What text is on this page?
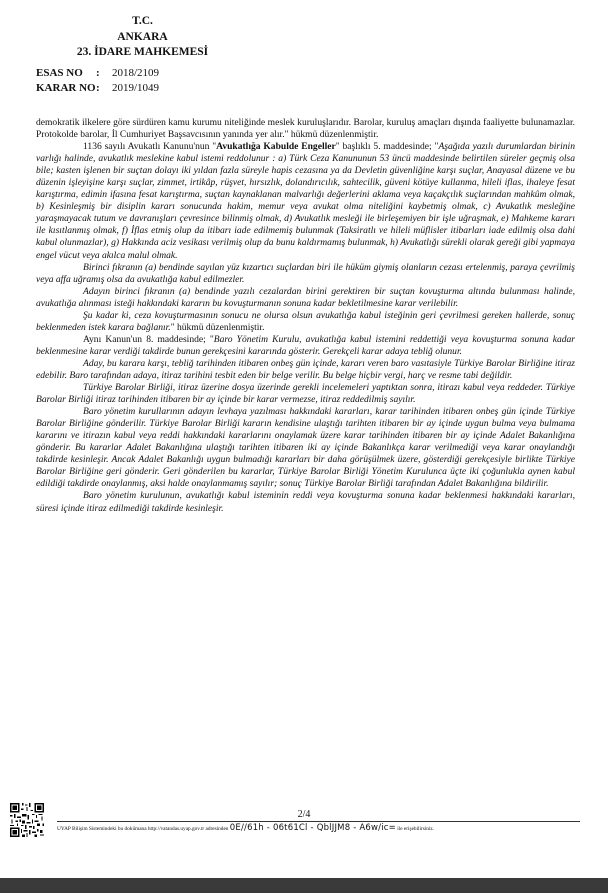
T.C.
ANKARA
23. İDARE MAHKEMESİ
ESAS NO : 2018/2109
KARAR NO: 2019/1049

demokratik ilkelere göre sürdüren kamu kurumu niteliğinde meslek kuruluşlarıdır. Barolar, kuruluş amaçları dışında faaliyette bulunamazlar. Protokolde barolar, İl Cumhuriyet Başsavcısının yanında yer alır." hükmü düzenlenmiştir.

1136 sayılı Avukatlı Kanunu'nun "Avukatlığa Kabulde Engeller" başlıklı 5. maddesinde; "Aşağıda yazılı durumlardan birinin varlığı halinde, avukatlık meslekine kabul istemi reddolunur : a) Türk Ceza Kanununun 53 üncü maddesinde belirtilen süreler geçmiş olsa bile; kasten işlenen bir suçtan dolayı iki yıldan fazla süreyle hapis cezasına ya da Devletin güvenliğine karşı suçlar, Anayasal düzene ve bu düzenin işleyişine karşı suçlar, zimmet, irtikâp, rüşvet, hırsızlık, dolandırıcılık, sahtecilik, güveni kötüye kullanma, hileli iflas, ihaleye fesat karıştırma, edimin ifasına fesat karıştırma, suçtan kaynaklanan malvarlığı değerlerini aklama veya kaçakçılık suçlarından mahkûm olmak, b) Kesinleşmiş bir disiplin kararı sonucunda hakim, memur veya avukat olma niteliğini kaybetmiş olmak, c) Avukatlık mesleğine yaraşmayacak tutum ve davranışları çevresince bilinmiş olmak, d) Avukatlık mesleği ile birleşemiyen bir işle uğraşmak, e) Mahkeme kararı ile kısıtlanmış olmak, f) İflas etmiş olup da itibarı iade edilmemiş bulunmak (Taksiratlı ve hileli müflisler itibarları iade edilmiş olsa dahi kabul olunmazlar), g) Hakkında aciz vesikası verilmiş olup da bunu kaldırmamış bulunmak, h) Avukatlığı sürekli olarak gereği gibi yapmaya engel vücut veya akılca malul olmak.

Birinci fıkranın (a) bendinde sayılan yüz kızartıcı suçlardan biri ile hüküm giymiş olanların cezası ertelenmiş, paraya çevrilmiş veya affa uğramış olsa da avukatlığa kabul edilmezler.

Adayın birinci fıkranın (a) bendinde yazılı cezalardan birini gerektiren bir suçtan kovuşturma altında bulunması halinde, avukatlığa alınması isteği hakkındaki kararın bu kovuşturmanın sonuna kadar bekletilmesine karar verilebilir.

Şu kadar ki, ceza kovuşturmasının sonucu ne olursa olsun avukatlığa kabul isteğinin geri çevrilmesi gereken hallerde, sonuç beklenmeden istek karara bağlanır." hükmü düzenlenmiştir.

Aynı Kanun'un 8. maddesinde; "Baro Yönetim Kurulu, avukatlığa kabul istemini reddettiği veya kovuşturma sonuna kadar beklenmesine karar verdiği takdirde bunun gerekçesini kararında gösterir. Gerekçeli karar adaya tebliğ olunur.

Aday, bu karara karşı, tebliğ tarihinden itibaren onbeş gün içinde, kararı veren baro vasıtasiyle Türkiye Barolar Birliğine itiraz edebilir. Baro tarafından adaya, itiraz tarihini tesbit eden bir belge verilir. Bu belge hiçbir vergi, harç ve resme tabi değildir.

Türkiye Barolar Birliği, itiraz üzerine dosya üzerinde gerekli incelemeleri yaptıktan sonra, itirazı kabul veya reddeder. Türkiye Barolar Birliği itiraz tarihinden itibaren bir ay içinde bir karar vermezse, itiraz reddedilmiş sayılır.

Baro yönetim kurullarının adayın levhaya yazılması hakkındaki kararları, karar tarihinden itibaren onbeş gün içinde Türkiye Barolar Birliğine gönderilir. Türkiye Barolar Birliği kararın kendisine ulaştığı tarihten itibaren bir ay içinde uygun bulma veya bulmama kararını ve itirazın kabul veya reddi hakkındaki kararlarını onaylamak üzere karar tarihinden itibaren bir ay içinde Adalet Bakanlığına gönderir. Bu kararlar Adalet Bakanlığına ulaştığı tarihten itibaren iki ay içinde Bakanlıkça karar verilmediği veya karar onaylandığı takdirde kesinleşir. Ancak Adalet Bakanlığı uygun bulmadığı kararları bir daha görüşülmek üzere, gösterdiği gerekçesiyle birlikte Türkiye Barolar Birliğine geri gönderir. Geri gönderilen bu kararlar, Türkiye Barolar Birliği Yönetim Kurulunca üçte iki çoğunlukla aynen kabul edildiği takdirde onaylanmış, aksi halde onaylanmamış sayılır; sonuç Türkiye Barolar Birliği tarafından Adalet Bakanlığına bildirilir.

Baro yönetim kurulunun, avukatlığı kabul isteminin reddi veya kovuşturma sonuna kadar beklenmesi hakkındaki kararları, süresi içinde itiraz edilmediği takdirde kesinleşir.

2/4
UYAP Bilişim Sistemindeki bu dokümana http://vatandas.uyap.gov.tr adresinden 0E//61h - 06t61Cl - QblJJM8 - A6w/ic= ile erişebilirsiniz.
